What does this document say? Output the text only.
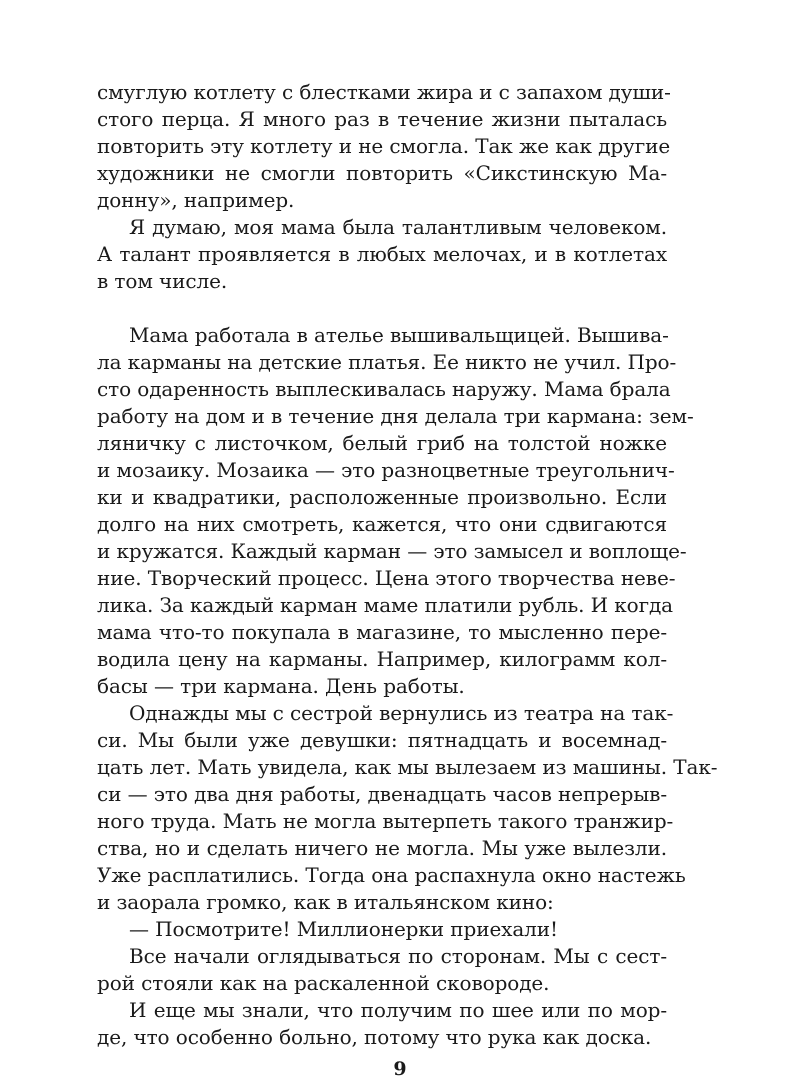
смуглую котлету с блестками жира и с запахом души-
стого перца. Я много раз в течение жизни пыталась
повторить эту котлету и не смогла. Так же как другие
художники не смогли повторить «Сикстинскую Ма-
донну», например.
Я думаю, моя мама была талантливым человеком.
А талант проявляется в любых мелочах, и в котлетах
в том числе.
Мама работала в ателье вышивальщицей. Вышива-
ла карманы на детские платья. Ее никто не учил. Про-
сто одаренность выплескивалась наружу. Мама брала
работу на дом и в течение дня делала три кармана: зем-
ляничку с листочком, белый гриб на толстой ножке
и мозаику. Мозаика — это разноцветные треугольнич-
ки и квадратики, расположенные произвольно. Если
долго на них смотреть, кажется, что они сдвигаются
и кружатся. Каждый карман — это замысел и воплоще-
ние. Творческий процесс. Цена этого творчества невe-
лика. За каждый карман маме платили рубль. И когда
мама что-то покупала в магазине, то мысленно пере-
водила цену на карманы. Например, килограмм кол-
басы — три кармана. День работы.
Однажды мы с сестрой вернулись из театра на так-
си. Мы были уже девушки: пятнадцать и восемнад-
цать лет. Мать увидела, как мы вылезаем из машины. Так-
си — это два дня работы, двенадцать часов непрерыв-
ного труда. Мать не могла вытерпеть такого транжир-
ства, но и сделать ничего не могла. Мы уже вылезли.
Уже расплатились. Тогда она распахнула окно настежь
и заорала громко, как в итальянском кино:
— Посмотрите! Миллионерки приехали!
Все начали оглядываться по сторонам. Мы с сест-
рой стояли как на раскаленной сковороде.
И еще мы знали, что получим по шее или по мор-
де, что особенно больно, потому что рука как доска.
9
